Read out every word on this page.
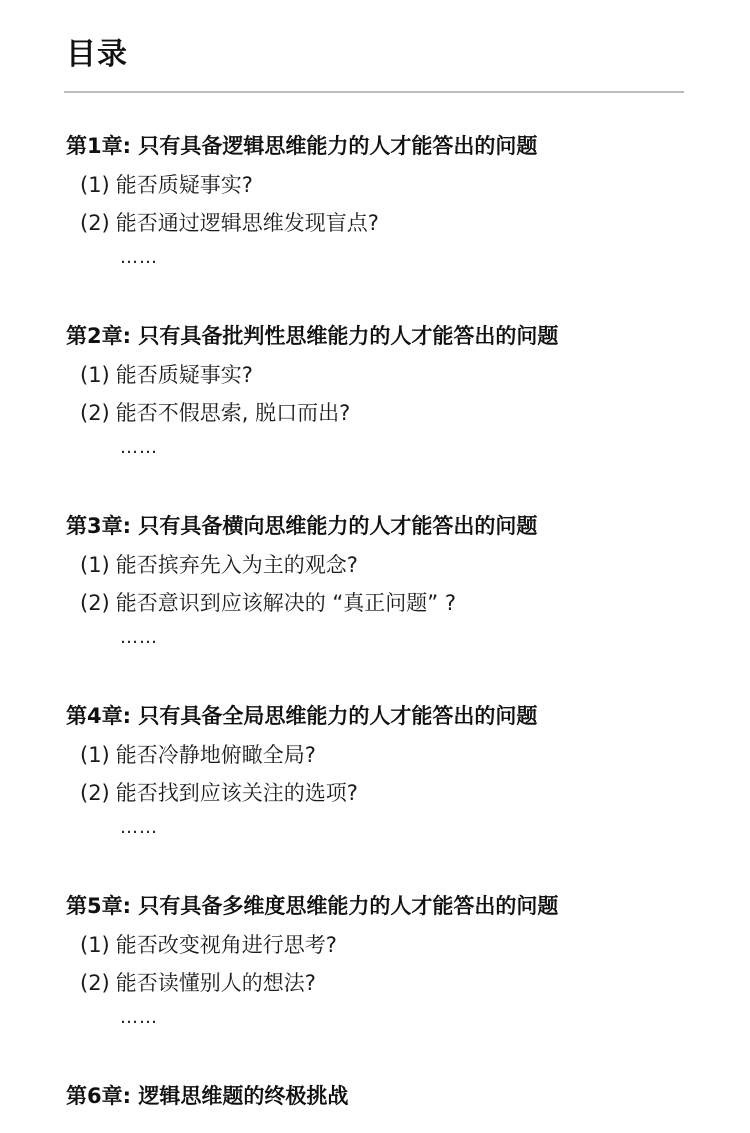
目录
第1章: 只有具备逻辑思维能力的人才能答出的问题
(1) 能否质疑事实?
(2) 能否通过逻辑思维发现盲点?
……
第2章: 只有具备批判性思维能力的人才能答出的问题
(1) 能否质疑事实?
(2) 能否不假思索, 脱口而出?
……
第3章: 只有具备横向思维能力的人才能答出的问题
(1) 能否摈弃先入为主的观念?
(2) 能否意识到应该解决的 “真正问题” ?
……
第4章: 只有具备全局思维能力的人才能答出的问题
(1) 能否冷静地俯瞰全局?
(2) 能否找到应该关注的选项?
……
第5章: 只有具备多维度思维能力的人才能答出的问题
(1) 能否改变视角进行思考?
(2) 能否读懂别人的想法?
……
第6章: 逻辑思维题的终极挑战
